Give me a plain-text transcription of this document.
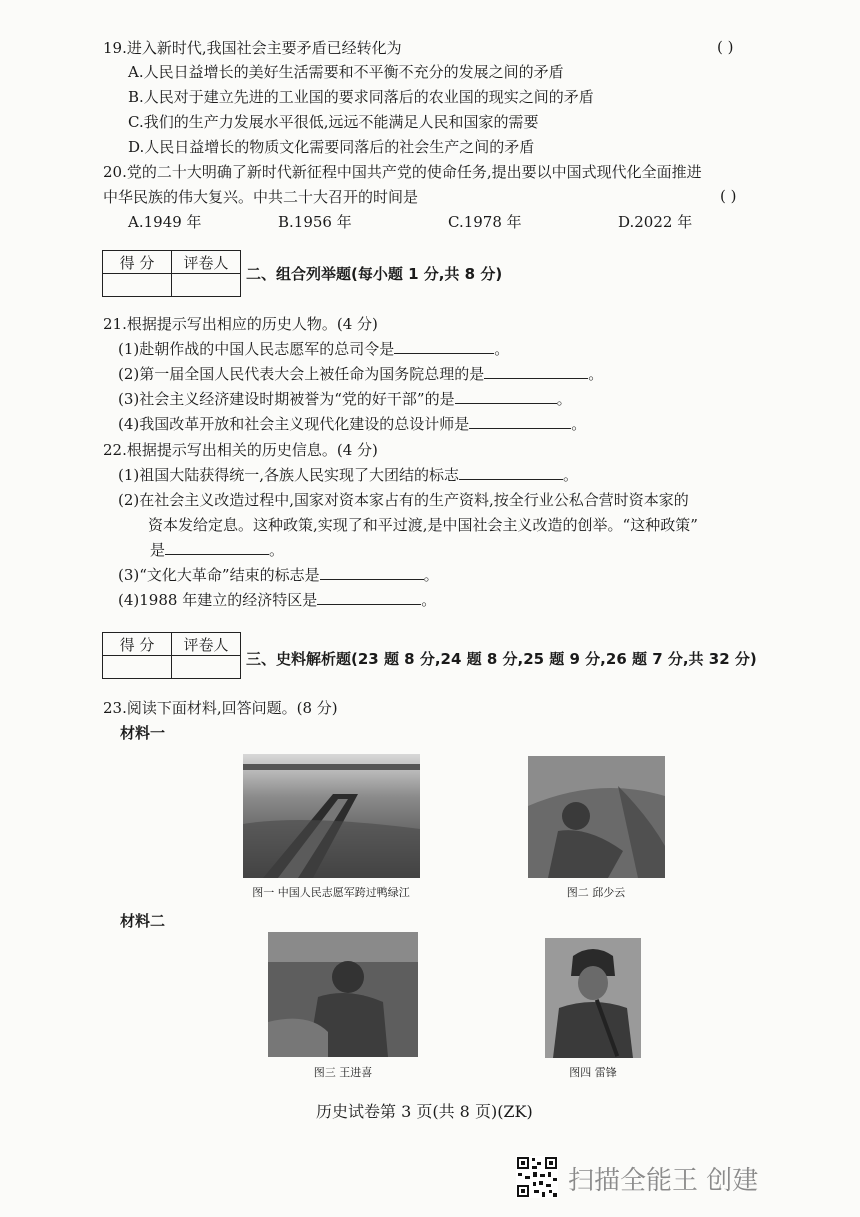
19.进入新时代,我国社会主要矛盾已经转化为	( )
A.人民日益增长的美好生活需要和不平衡不充分的发展之间的矛盾
B.人民对于建立先进的工业国的要求同落后的农业国的现实之间的矛盾
C.我们的生产力发展水平很低,远远不能满足人民和国家的需要
D.人民日益增长的物质文化需要同落后的社会生产之间的矛盾
20.党的二十大明确了新时代新征程中国共产党的使命任务,提出要以中国式现代化全面推进
中华民族的伟大复兴。中共二十大召开的时间是	( )
A.1949 年	B.1956 年	C.1978 年	D.2022 年
得 分	评卷人

二、组合列举题(每小题 1 分,共 8 分)
21.根据提示写出相应的历史人物。(4 分)
(1)赴朝作战的中国人民志愿军的总司令是	。
(2)第一届全国人民代表大会上被任命为国务院总理的是	。
(3)社会主义经济建设时期被誉为“党的好干部”的是	。
(4)我国改革开放和社会主义现代化建设的总设计师是	。
22.根据提示写出相关的历史信息。(4 分)
(1)祖国大陆获得统一,各族人民实现了大团结的标志	。
(2)在社会主义改造过程中,国家对资本家占有的生产资料,按全行业公私合营时资本家的
资本发给定息。这种政策,实现了和平过渡,是中国社会主义改造的创举。“这种政策”
是	。
(3)“文化大革命”结束的标志是	。
(4)1988 年建立的经济特区是	。
得 分	评卷人

三、史料解析题(23 题 8 分,24 题 8 分,25 题 9 分,26 题 7 分,共 32 分)
23.阅读下面材料,回答问题。(8 分)
材料一
图一 中国人民志愿军跨过鸭绿江	图二 邱少云
材料二
图三 王进喜	图四 雷锋
历史试卷第 3 页(共 8 页)(ZK)
扫描全能王 创建
